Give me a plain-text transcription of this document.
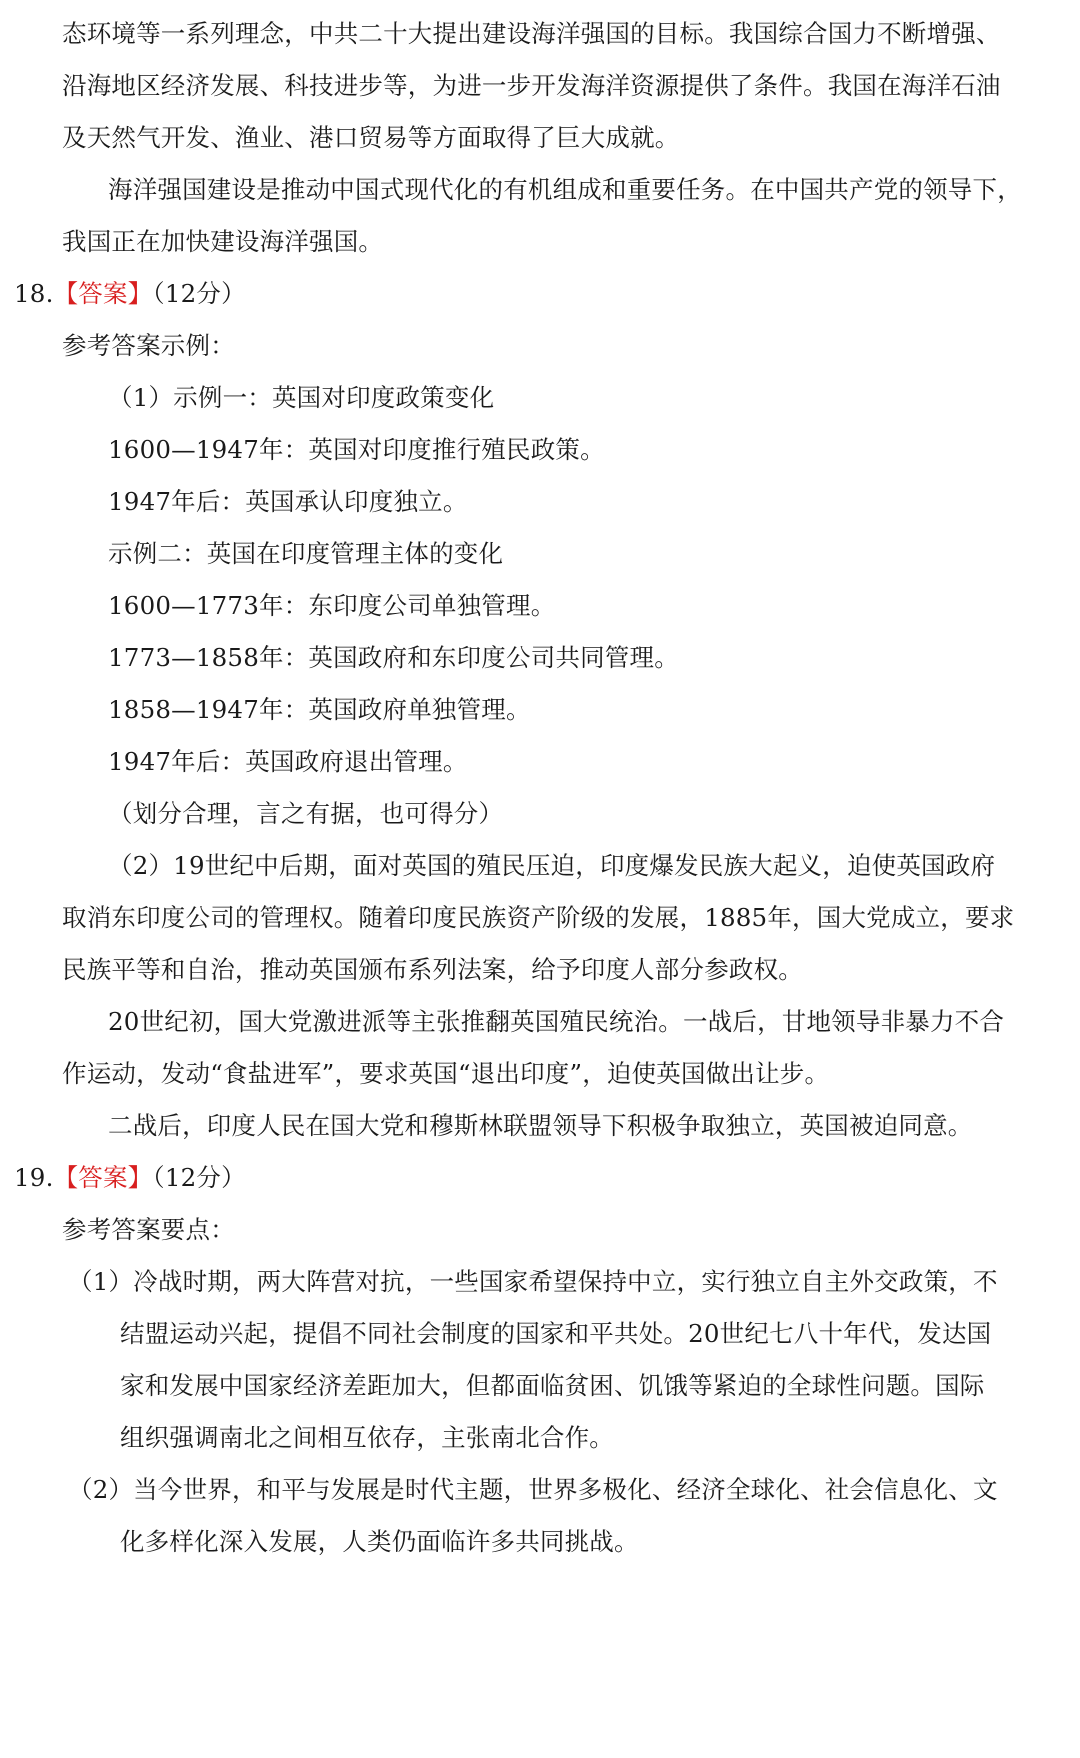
态环境等一系列理念，中共二十大提出建设海洋强国的目标。我国综合国力不断增强、
沿海地区经济发展、科技进步等，为进一步开发海洋资源提供了条件。我国在海洋石油
及天然气开发、渔业、港口贸易等方面取得了巨大成就。
海洋强国建设是推动中国式现代化的有机组成和重要任务。在中国共产党的领导下，
我国正在加快建设海洋强国。
18.【答案】（12分）
参考答案示例：
（1）示例一：英国对印度政策变化
1600—1947年：英国对印度推行殖民政策。
1947年后：英国承认印度独立。
示例二：英国在印度管理主体的变化
1600—1773年：东印度公司单独管理。
1773—1858年：英国政府和东印度公司共同管理。
1858—1947年：英国政府单独管理。
1947年后：英国政府退出管理。
（划分合理，言之有据，也可得分）
（2）19世纪中后期，面对英国的殖民压迫，印度爆发民族大起义，迫使英国政府
取消东印度公司的管理权。随着印度民族资产阶级的发展，1885年，国大党成立，要求
民族平等和自治，推动英国颁布系列法案，给予印度人部分参政权。
20世纪初，国大党激进派等主张推翻英国殖民统治。一战后，甘地领导非暴力不合
作运动，发动“食盐进军”，要求英国“退出印度”，迫使英国做出让步。
二战后，印度人民在国大党和穆斯林联盟领导下积极争取独立，英国被迫同意。
19.【答案】（12分）
参考答案要点：
（1）冷战时期，两大阵营对抗，一些国家希望保持中立，实行独立自主外交政策，不
结盟运动兴起，提倡不同社会制度的国家和平共处。20世纪七八十年代，发达国
家和发展中国家经济差距加大，但都面临贫困、饥饿等紧迫的全球性问题。国际
组织强调南北之间相互依存，主张南北合作。
（2）当今世界，和平与发展是时代主题，世界多极化、经济全球化、社会信息化、文
化多样化深入发展，人类仍面临许多共同挑战。
